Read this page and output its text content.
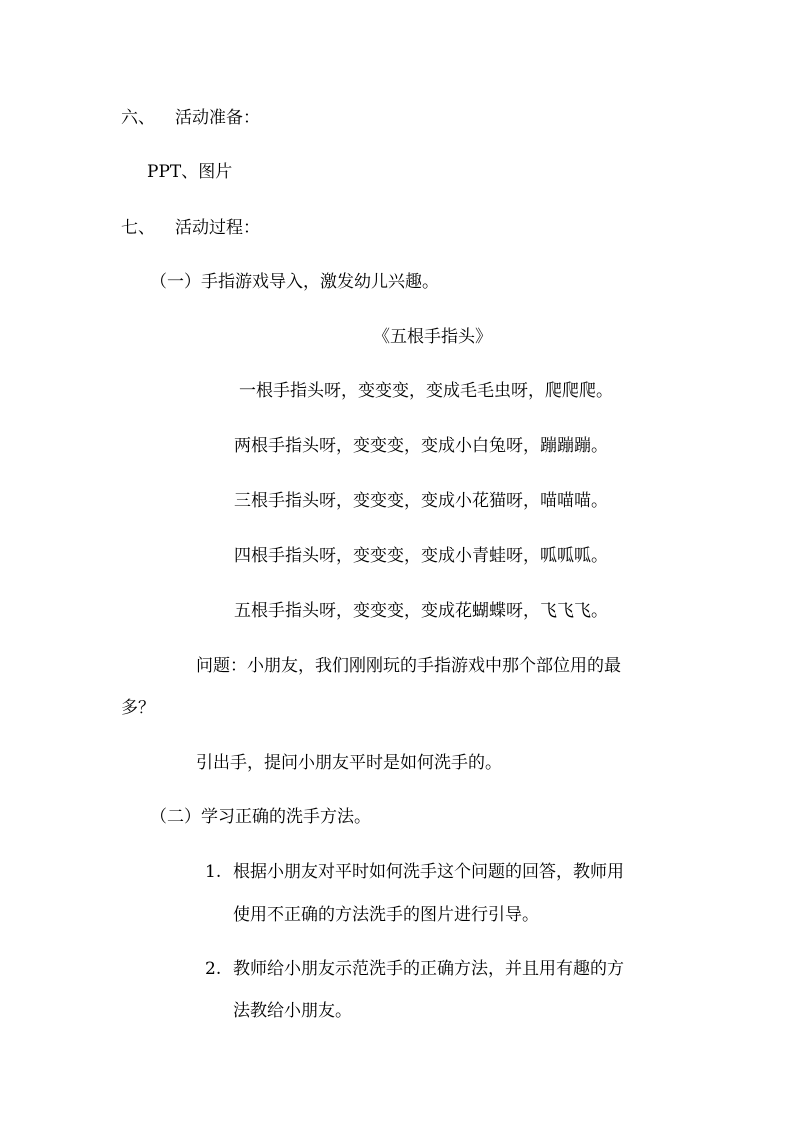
六、 活动准备：
PPT、图片
七、 活动过程：
（一）手指游戏导入，激发幼儿兴趣。
《五根手指头》
一根手指头呀，变变变，变成毛毛虫呀，爬爬爬。
两根手指头呀，变变变，变成小白兔呀，蹦蹦蹦。
三根手指头呀，变变变，变成小花猫呀，喵喵喵。
四根手指头呀，变变变，变成小青蛙呀，呱呱呱。
五根手指头呀，变变变，变成花蝴蝶呀，飞飞飞。
问题：小朋友，我们刚刚玩的手指游戏中那个部位用的最
多？
引出手，提问小朋友平时是如何洗手的。
（二）学习正确的洗手方法。
1. 根据小朋友对平时如何洗手这个问题的回答，教师用
使用不正确的方法洗手的图片进行引导。
2. 教师给小朋友示范洗手的正确方法，并且用有趣的方
法教给小朋友。
